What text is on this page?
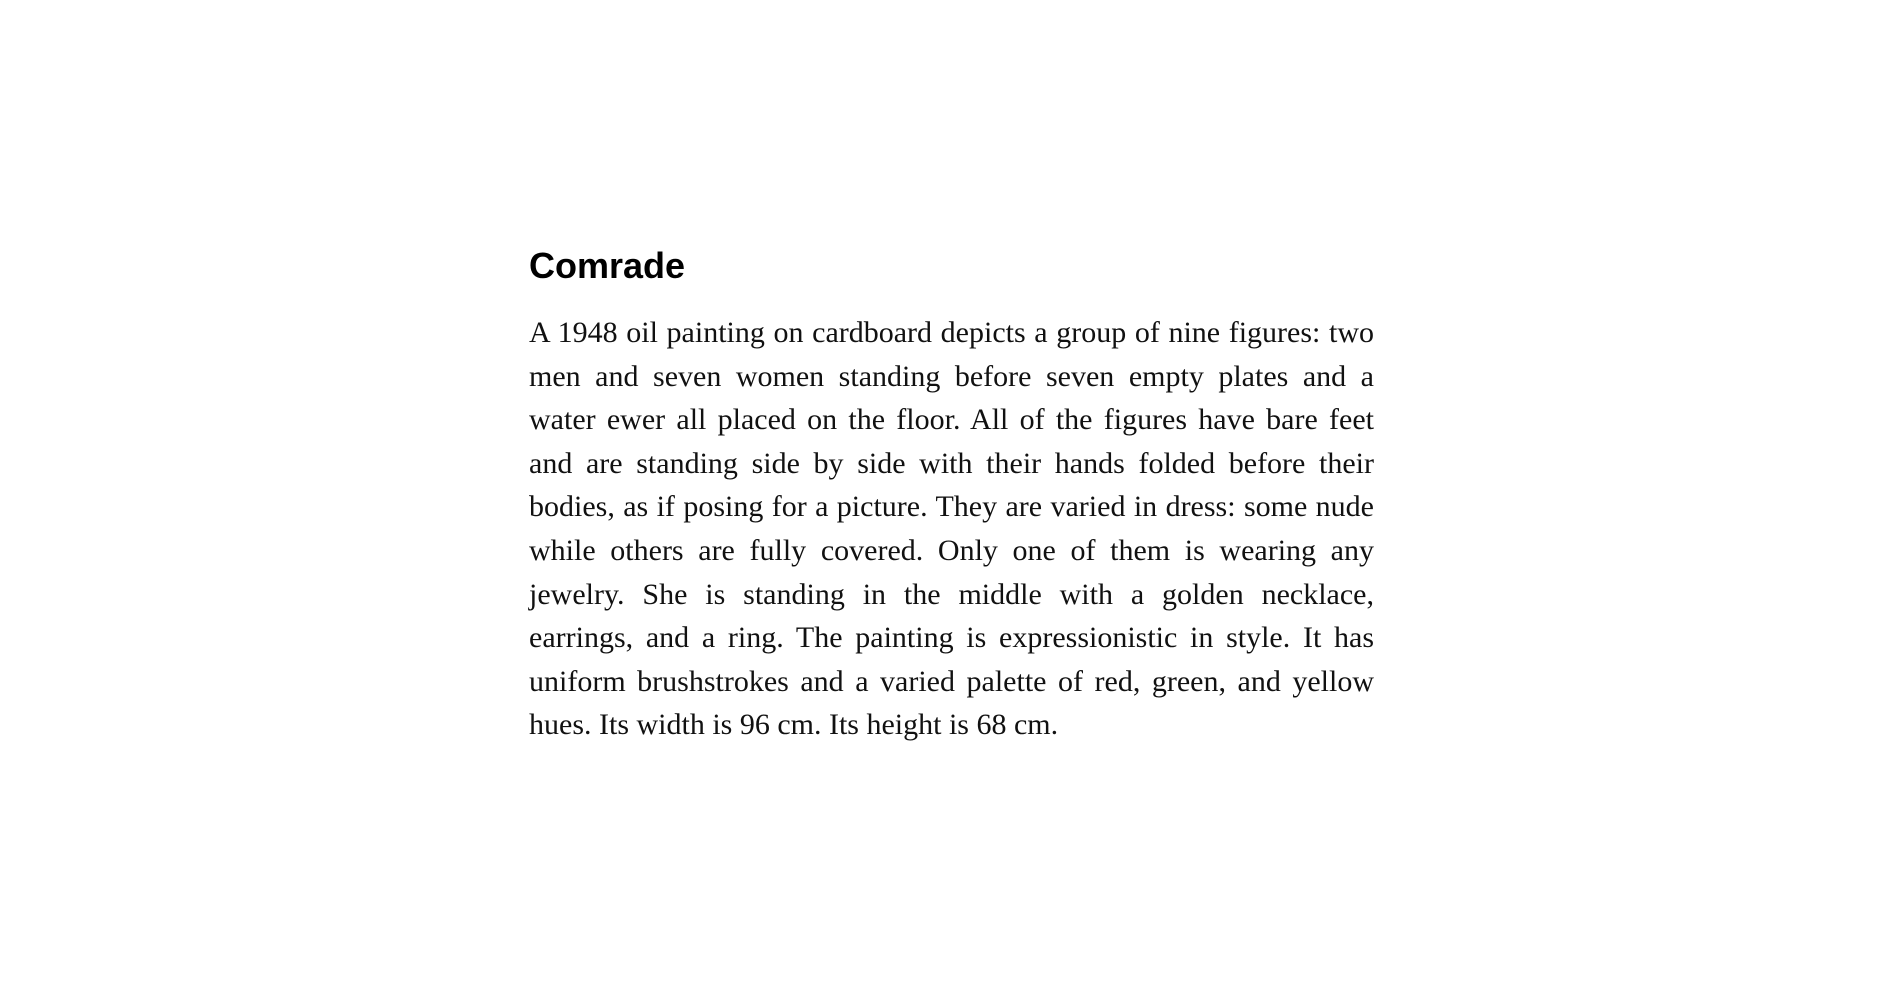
Comrade

A 1948 oil painting on cardboard depicts a group of nine figures: two men and seven women standing before seven empty plates and a water ewer all placed on the floor. All of the figures have bare feet and are standing side by side with their hands folded before their bodies, as if posing for a picture. They are varied in dress: some nude while others are fully covered. Only one of them is wearing any jewelry. She is standing in the middle with a golden necklace, earrings, and a ring. The painting is expressionistic in style. It has uniform brushstrokes and a varied palette of red, green, and yellow hues. Its width is 96 cm. Its height is 68 cm.
